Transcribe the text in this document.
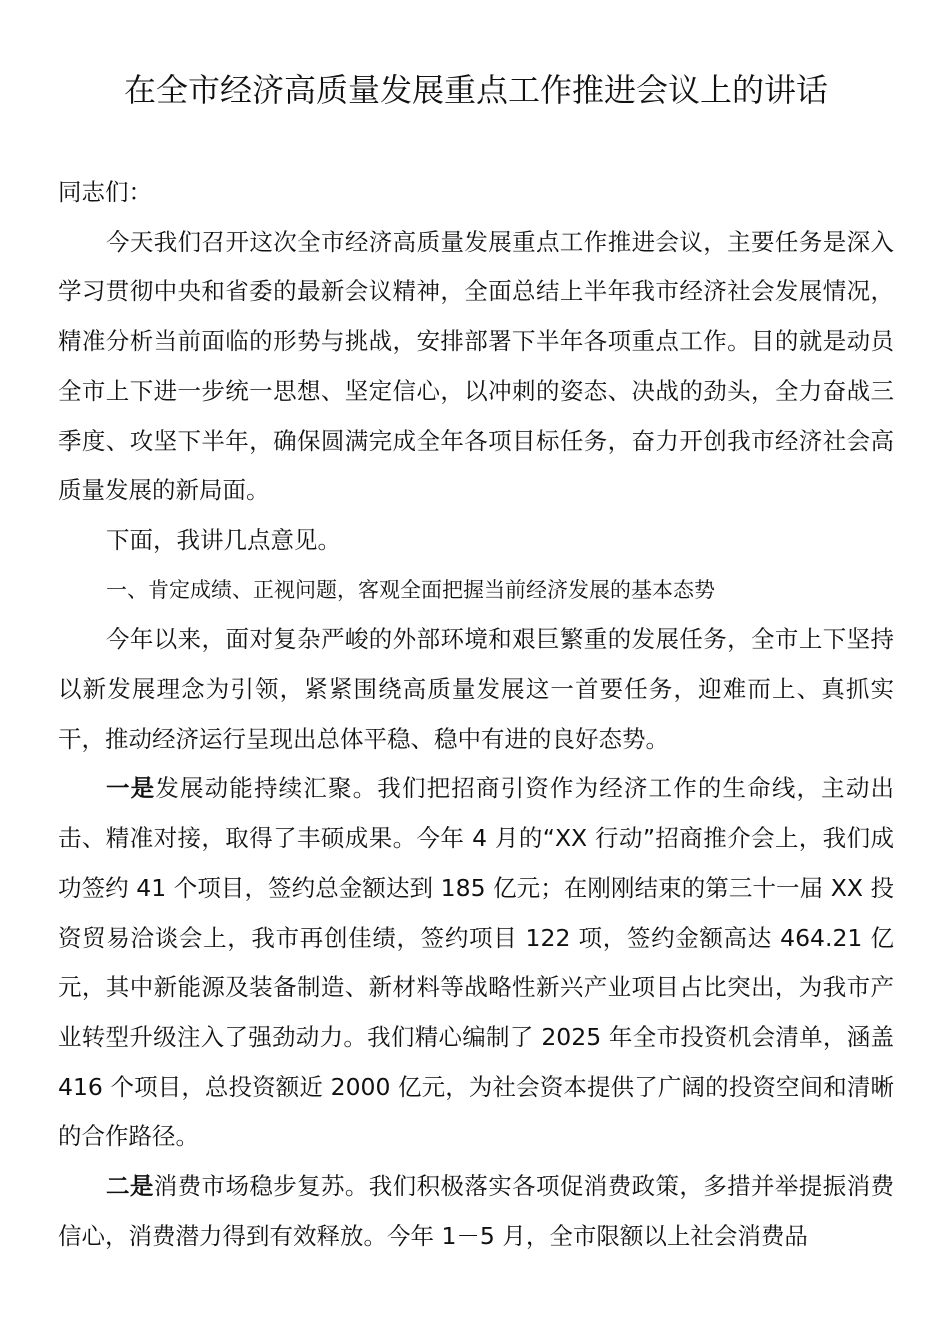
在全市经济高质量发展重点工作推进会议上的讲话

同志们：

今天我们召开这次全市经济高质量发展重点工作推进会议，主要任务是深入学习贯彻中央和省委的最新会议精神，全面总结上半年我市经济社会发展情况，精准分析当前面临的形势与挑战，安排部署下半年各项重点工作。目的就是动员全市上下进一步统一思想、坚定信心，以冲刺的姿态、决战的劲头，全力奋战三季度、攻坚下半年，确保圆满完成全年各项目标任务，奋力开创我市经济社会高质量发展的新局面。

下面，我讲几点意见。

一、肯定成绩、正视问题，客观全面把握当前经济发展的基本态势

今年以来，面对复杂严峻的外部环境和艰巨繁重的发展任务，全市上下坚持以新发展理念为引领，紧紧围绕高质量发展这一首要任务，迎难而上、真抓实干，推动经济运行呈现出总体平稳、稳中有进的良好态势。

一是发展动能持续汇聚。我们把招商引资作为经济工作的生命线，主动出击、精准对接，取得了丰硕成果。今年 4 月的“XX 行动”招商推介会上，我们成功签约 41 个项目，签约总金额达到 185 亿元；在刚刚结束的第三十一届 XX 投资贸易洽谈会上，我市再创佳绩，签约项目 122 项，签约金额高达 464.21 亿元，其中新能源及装备制造、新材料等战略性新兴产业项目占比突出，为我市产业转型升级注入了强劲动力。我们精心编制了 2025 年全市投资机会清单，涵盖 416 个项目，总投资额近 2000 亿元，为社会资本提供了广阔的投资空间和清晰的合作路径。

二是消费市场稳步复苏。我们积极落实各项促消费政策，多措并举提振消费信心，消费潜力得到有效释放。今年 1－5 月，全市限额以上社会消费品
